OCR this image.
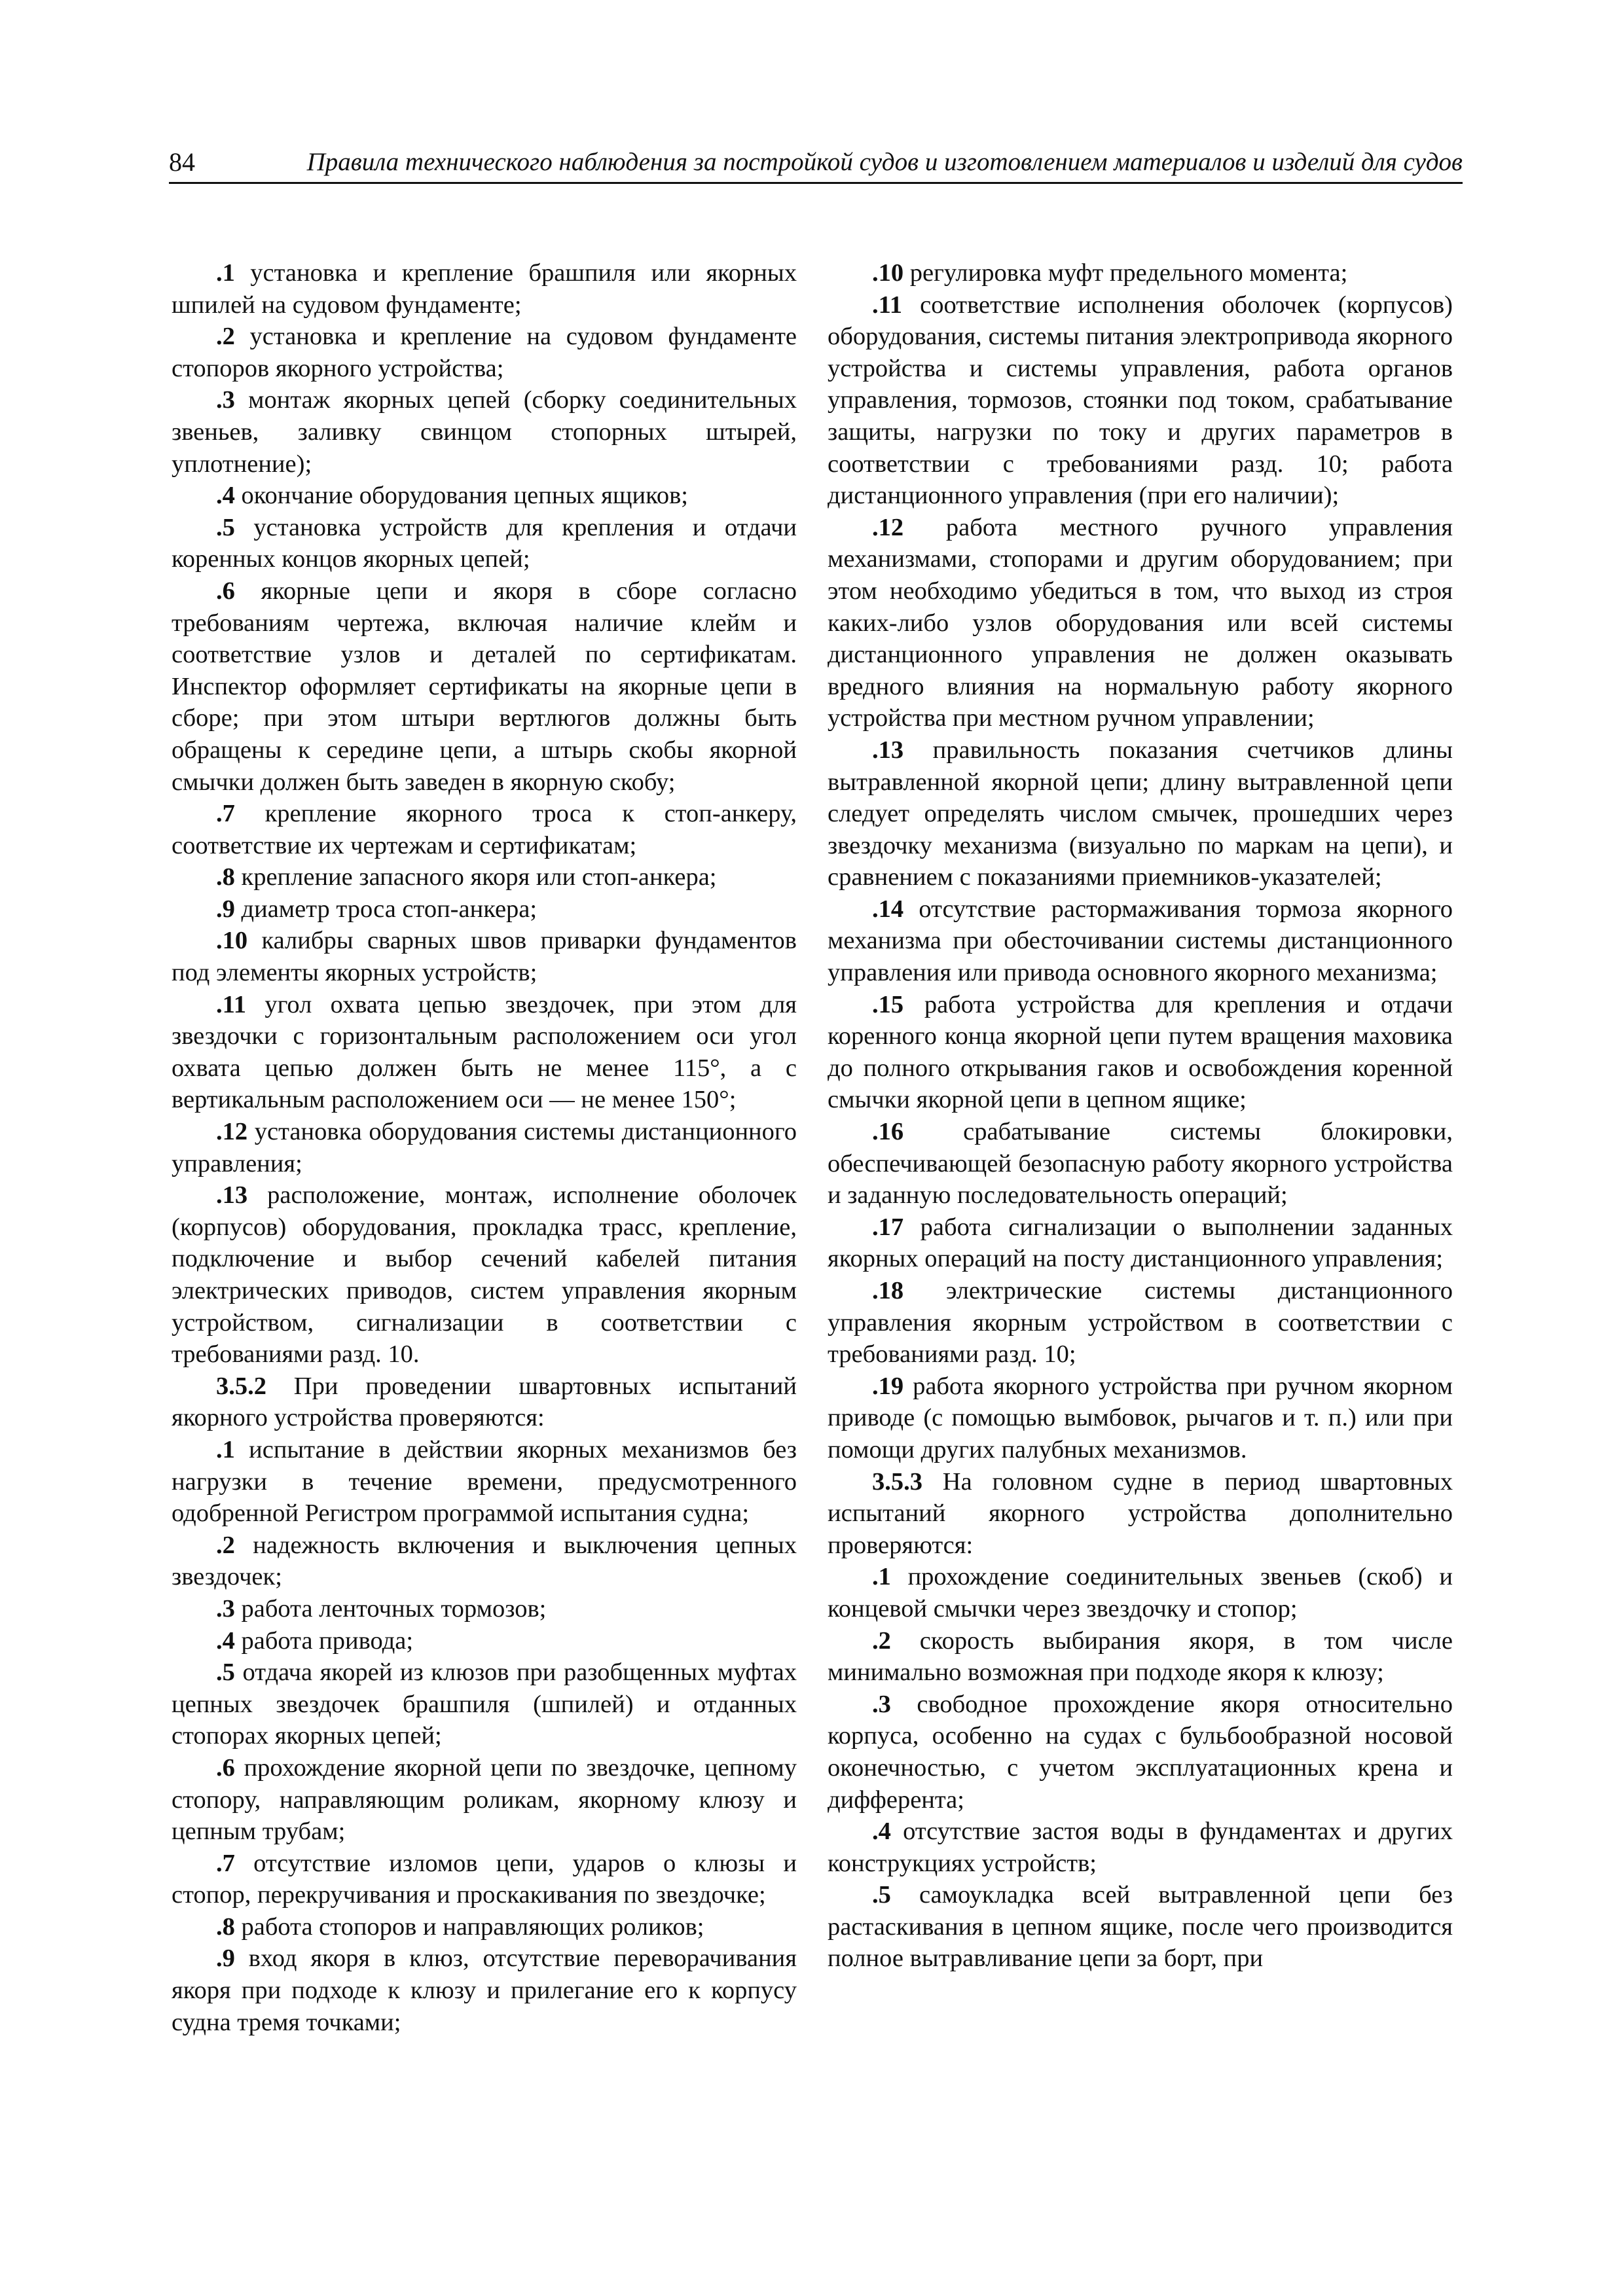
84	Правила технического наблюдения за постройкой судов и изготовлением материалов и изделий для судов

.1 установка и крепление брашпиля или якорных шпилей на судовом фундаменте;

.2 установка и крепление на судовом фундаменте стопоров якорного устройства;

.3 монтаж якорных цепей (сборку соединительных звеньев, заливку свинцом стопорных штырей, уплотнение);

.4 окончание оборудования цепных ящиков;

.5 установка устройств для крепления и отдачи коренных концов якорных цепей;

.6 якорные цепи и якоря в сборе согласно требованиям чертежа, включая наличие клейм и соответствие узлов и деталей по сертификатам. Инспектор оформляет сертификаты на якорные цепи в сборе; при этом штыри вертлюгов должны быть обращены к середине цепи, а штырь скобы якорной смычки должен быть заведен в якорную скобу;

.7 крепление якорного троса к стоп-анкеру, соответствие их чертежам и сертификатам;

.8 крепление запасного якоря или стоп-анкера;

.9 диаметр троса стоп-анкера;

.10 калибры сварных швов приварки фундаментов под элементы якорных устройств;

.11 угол охвата цепью звездочек, при этом для звездочки с горизонтальным расположением оси угол охвата цепью должен быть не менее 115°, а с вертикальным расположением оси — не менее 150°;

.12 установка оборудования системы дистанционного управления;

.13 расположение, монтаж, исполнение оболочек (корпусов) оборудования, прокладка трасс, крепление, подключение и выбор сечений кабелей питания электрических приводов, систем управления якорным устройством, сигнализации в соответствии с требованиями разд. 10.

3.5.2 При проведении швартовных испытаний якорного устройства проверяются:

.1 испытание в действии якорных механизмов без нагрузки в течение времени, предусмотренного одобренной Регистром программой испытания судна;

.2 надежность включения и выключения цепных звездочек;

.3 работа ленточных тормозов;

.4 работа привода;

.5 отдача якорей из клюзов при разобщенных муфтах цепных звездочек брашпиля (шпилей) и отданных стопорах якорных цепей;

.6 прохождение якорной цепи по звездочке, цепному стопору, направляющим роликам, якорному клюзу и цепным трубам;

.7 отсутствие изломов цепи, ударов о клюзы и стопор, перекручивания и проскакивания по звездочке;

.8 работа стопоров и направляющих роликов;

.9 вход якоря в клюз, отсутствие переворачивания якоря при подходе к клюзу и прилегание его к корпусу судна тремя точками;

.10 регулировка муфт предельного момента;

.11 соответствие исполнения оболочек (корпусов) оборудования, системы питания электропривода якорного устройства и системы управления, работа органов управления, тормозов, стоянки под током, срабатывание защиты, нагрузки по току и других параметров в соответствии с требованиями разд. 10; работа дистанционного управления (при его наличии);

.12 работа местного ручного управления механизмами, стопорами и другим оборудованием; при этом необходимо убедиться в том, что выход из строя каких-либо узлов оборудования или всей системы дистанционного управления не должен оказывать вредного влияния на нормальную работу якорного устройства при местном ручном управлении;

.13 правильность показания счетчиков длины вытравленной якорной цепи; длину вытравленной цепи следует определять числом смычек, прошедших через звездочку механизма (визуально по маркам на цепи), и сравнением с показаниями приемников-указателей;

.14 отсутствие растормаживания тормоза якорного механизма при обесточивании системы дистанционного управления или привода основного якорного механизма;

.15 работа устройства для крепления и отдачи коренного конца якорной цепи путем вращения маховика до полного открывания гаков и освобождения коренной смычки якорной цепи в цепном ящике;

.16 срабатывание системы блокировки, обеспечивающей безопасную работу якорного устройства и заданную последовательность операций;

.17 работа сигнализации о выполнении заданных якорных операций на посту дистанционного управления;

.18 электрические системы дистанционного управления якорным устройством в соответствии с требованиями разд. 10;

.19 работа якорного устройства при ручном якорном приводе (с помощью вымбовок, рычагов и т. п.) или при помощи других палубных механизмов.

3.5.3 На головном судне в период швартовных испытаний якорного устройства дополнительно проверяются:

.1 прохождение соединительных звеньев (скоб) и концевой смычки через звездочку и стопор;

.2 скорость выбирания якоря, в том числе минимально возможная при подходе якоря к клюзу;

.3 свободное прохождение якоря относительно корпуса, особенно на судах с бульбообразной носовой оконечностью, с учетом эксплуатационных крена и дифферента;

.4 отсутствие застоя воды в фундаментах и других конструкциях устройств;

.5 самоукладка всей вытравленной цепи без растаскивания в цепном ящике, после чего производится полное вытравливание цепи за борт, при
